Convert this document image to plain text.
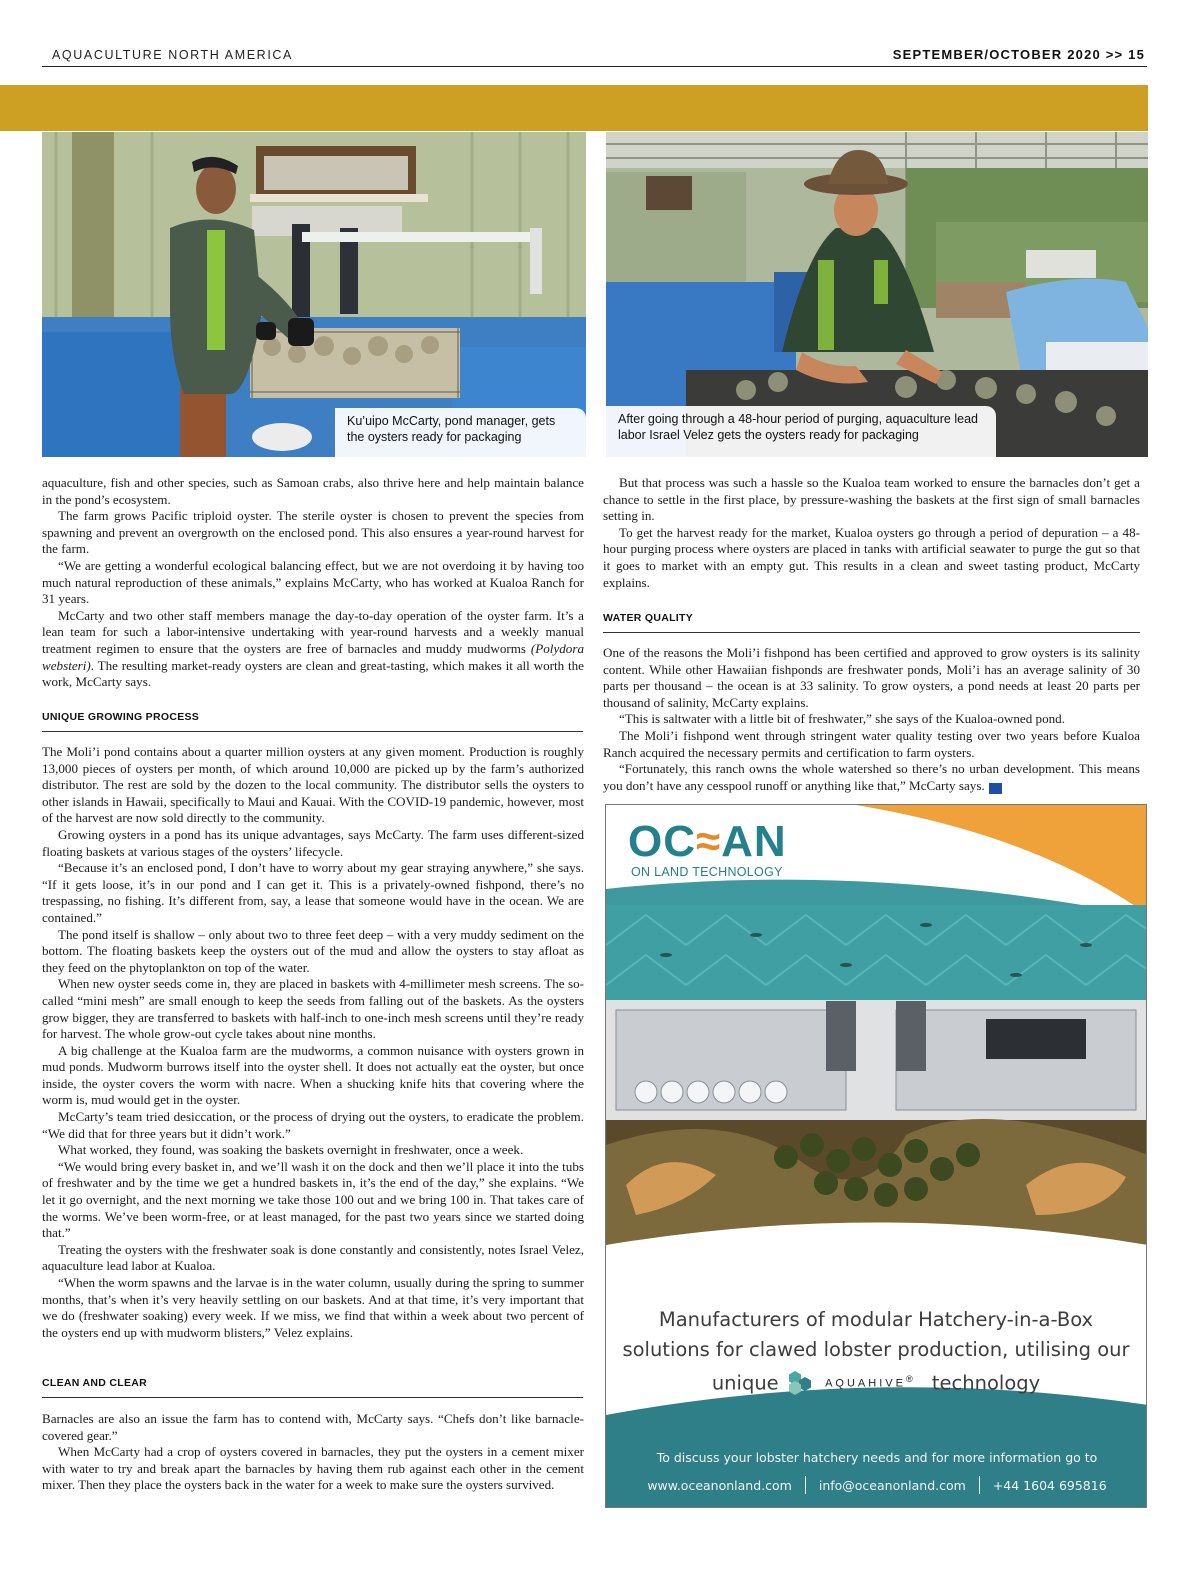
AQUACULTURE NORTH AMERICA	SEPTEMBER/OCTOBER 2020 >> 15
Ku’uipo McCarty, pond manager, gets the oysters ready for packaging
After going through a 48-hour period of purging, aquaculture lead labor Israel Velez gets the oysters ready for packaging

aquaculture, fish and other species, such as Samoan crabs, also thrive here and help maintain balance in the pond’s ecosystem.

The farm grows Pacific triploid oyster. The sterile oyster is chosen to prevent the species from spawning and prevent an overgrowth on the enclosed pond. This also ensures a year-round harvest for the farm.

“We are getting a wonderful ecological balancing effect, but we are not overdoing it by having too much natural reproduction of these animals,” explains McCarty, who has worked at Kualoa Ranch for 31 years.

McCarty and two other staff members manage the day-to-day operation of the oyster farm. It’s a lean team for such a labor-intensive undertaking with year-round harvests and a weekly manual treatment regimen to ensure that the oysters are free of barnacles and muddy mudworms (Polydora websteri). The resulting market-ready oysters are clean and great-tasting, which makes it all worth the work, McCarty says.

UNIQUE GROWING PROCESS

The Moli’i pond contains about a quarter million oysters at any given moment. Production is roughly 13,000 pieces of oysters per month, of which around 10,000 are picked up by the farm’s authorized distributor. The rest are sold by the dozen to the local community. The distributor sells the oysters to other islands in Hawaii, specifically to Maui and Kauai. With the COVID-19 pandemic, however, most of the harvest are now sold directly to the community.

Growing oysters in a pond has its unique advantages, says McCarty. The farm uses different-sized floating baskets at various stages of the oysters’ lifecycle.

“Because it’s an enclosed pond, I don’t have to worry about my gear straying anywhere,” she says. “If it gets loose, it’s in our pond and I can get it. This is a privately-owned fishpond, there’s no trespassing, no fishing. It’s different from, say, a lease that someone would have in the ocean. We are contained.”

The pond itself is shallow – only about two to three feet deep – with a very muddy sediment on the bottom. The floating baskets keep the oysters out of the mud and allow the oysters to stay afloat as they feed on the phytoplankton on top of the water.

When new oyster seeds come in, they are placed in baskets with 4-millimeter mesh screens. The so-called “mini mesh” are small enough to keep the seeds from falling out of the baskets. As the oysters grow bigger, they are transferred to baskets with half-inch to one-inch mesh screens until they’re ready for harvest. The whole grow-out cycle takes about nine months.

A big challenge at the Kualoa farm are the mudworms, a common nuisance with oysters grown in mud ponds. Mudworm burrows itself into the oyster shell. It does not actually eat the oyster, but once inside, the oyster covers the worm with nacre. When a shucking knife hits that covering where the worm is, mud would get in the oyster.

McCarty’s team tried desiccation, or the process of drying out the oysters, to eradicate the problem. “We did that for three years but it didn’t work.”

What worked, they found, was soaking the baskets overnight in freshwater, once a week.

“We would bring every basket in, and we’ll wash it on the dock and then we’ll place it into the tubs of freshwater and by the time we get a hundred baskets in, it’s the end of the day,” she explains. “We let it go overnight, and the next morning we take those 100 out and we bring 100 in. That takes care of the worms. We’ve been worm-free, or at least managed, for the past two years since we started doing that.”

Treating the oysters with the freshwater soak is done constantly and consistently, notes Israel Velez, aquaculture lead labor at Kualoa.

“When the worm spawns and the larvae is in the water column, usually during the spring to summer months, that’s when it’s very heavily settling on our baskets. And at that time, it’s very important that we do (freshwater soaking) every week. If we miss, we find that within a week about two percent of the oysters end up with mudworm blisters,” Velez explains.

CLEAN AND CLEAR

Barnacles are also an issue the farm has to contend with, McCarty says. “Chefs don’t like barnacle-covered gear.”

When McCarty had a crop of oysters covered in barnacles, they put the oysters in a cement mixer with water to try and break apart the barnacles by having them rub against each other in the cement mixer. Then they place the oysters back in the water for a week to make sure the oysters survived.

But that process was such a hassle so the Kualoa team worked to ensure the barnacles don’t get a chance to settle in the first place, by pressure-washing the baskets at the first sign of small barnacles setting in.

To get the harvest ready for the market, Kualoa oysters go through a period of depuration – a 48-hour purging process where oysters are placed in tanks with artificial seawater to purge the gut so that it goes to market with an empty gut. This results in a clean and sweet tasting product, McCarty explains.

WATER QUALITY

One of the reasons the Moli’i fishpond has been certified and approved to grow oysters is its salinity content. While other Hawaiian fishponds are freshwater ponds, Moli’i has an average salinity of 30 parts per thousand – the ocean is at 33 salinity. To grow oysters, a pond needs at least 20 parts per thousand of salinity, McCarty explains.

“This is saltwater with a little bit of freshwater,” she says of the Kualoa-owned pond.

The Moli’i fishpond went through stringent water quality testing over two years before Kualoa Ranch acquired the necessary permits and certification to farm oysters.

“Fortunately, this ranch owns the whole watershed so there’s no urban development. This means you don’t have any cesspool runoff or anything like that,” McCarty says.	ANA

OC≈AN
ON LAND TECHNOLOGY
Manufacturers of modular Hatchery-in-a-Box
solutions for clawed lobster production, utilising our
unique	AQUAHIVE® technology
To discuss your lobster hatchery needs and for more information go to
www.oceanonland.com info@oceanonland.com +44 1604 695816
